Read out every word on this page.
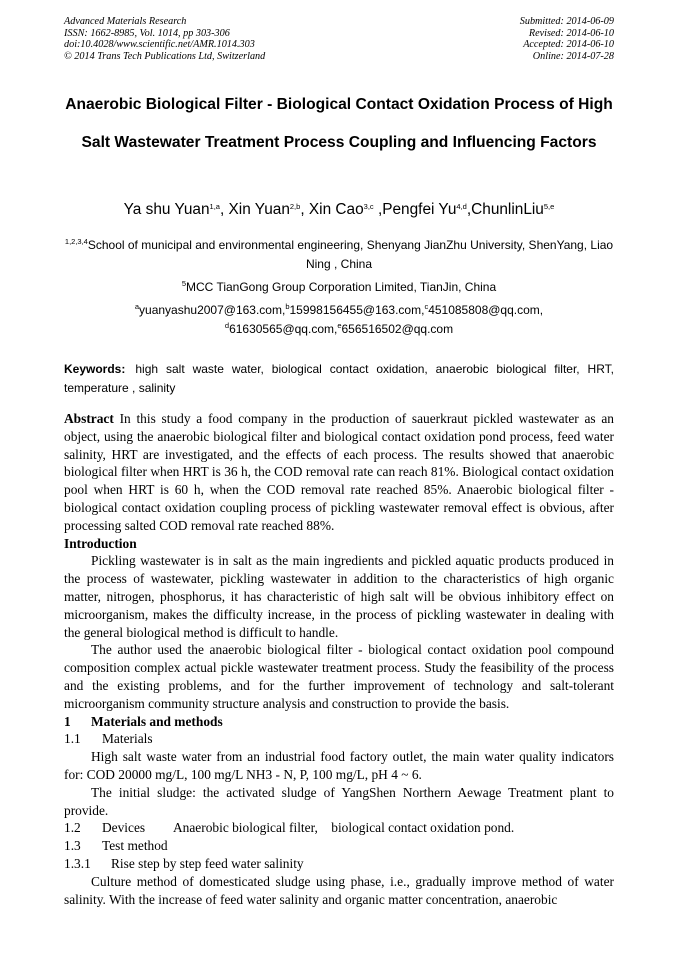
Advanced Materials Research
ISSN: 1662-8985, Vol. 1014, pp 303-306
doi:10.4028/www.scientific.net/AMR.1014.303
© 2014 Trans Tech Publications Ltd, Switzerland
Submitted: 2014-06-09
Revised: 2014-06-10
Accepted: 2014-06-10
Online: 2014-07-28
Anaerobic Biological Filter - Biological Contact Oxidation Process of High Salt Wastewater Treatment Process Coupling and Influencing Factors
Ya shu Yuan$^{1,a}$, Xin Yuan$^{2,b}$, Xin Cao$^{3,c}$ ,Pengfei Yu$^{4,d}$,ChunlinLiu$^{5,e}$
$^{1,2,3,4}$School of municipal and environmental engineering, Shenyang JianZhu University, ShenYang, Liao Ning , China
$^5$MCC TianGong Group Corporation Limited, TianJin, China
$^a$yuanyashu2007@163.com,$^b$15998156455@163.com,$^c$451085808@qq.com,
$^d$61630565@qq.com,$^e$656516502@qq.com
Keywords: high salt waste water, biological contact oxidation, anaerobic biological filter, HRT, temperature , salinity

Abstract In this study a food company in the production of sauerkraut pickled wastewater as an object, using the anaerobic biological filter and biological contact oxidation pond process, feed water salinity, HRT are investigated, and the effects of each process. The results showed that anaerobic biological filter when HRT is 36 h, the COD removal rate can reach 81%. Biological contact oxidation pool when HRT is 60 h, when the COD removal rate reached 85%. Anaerobic biological filter - biological contact oxidation coupling process of pickling wastewater removal effect is obvious, after processing salted COD removal rate reached 88%.

Introduction

Pickling wastewater is in salt as the main ingredients and pickled aquatic products produced in the process of wastewater, pickling wastewater in addition to the characteristics of high organic matter, nitrogen, phosphorus, it has characteristic of high salt will be obvious inhibitory effect on microorganism, makes the difficulty increase, in the process of pickling wastewater in dealing with the general biological method is difficult to handle.

The author used the anaerobic biological filter - biological contact oxidation pool compound composition complex actual pickle wastewater treatment process. Study the feasibility of the process and the existing problems, and for the further improvement of technology and salt-tolerant microorganism community structure analysis and construction to provide the basis.

1 Materials and methods

1.1 Materials

High salt waste water from an industrial food factory outlet, the main water quality indicators for: COD 20000 mg/L, 100 mg/L NH3 - N, P, 100 mg/L, pH 4 ~ 6.

The initial sludge: the activated sludge of YangShen Northern Aewage Treatment plant to provide.

1.2 Devices Anaerobic biological filter, biological contact oxidation pond.

1.3 Test method

1.3.1 Rise step by step feed water salinity

Culture method of domesticated sludge using phase, i.e., gradually improve method of water salinity. With the increase of feed water salinity and organic matter concentration, anaerobic
